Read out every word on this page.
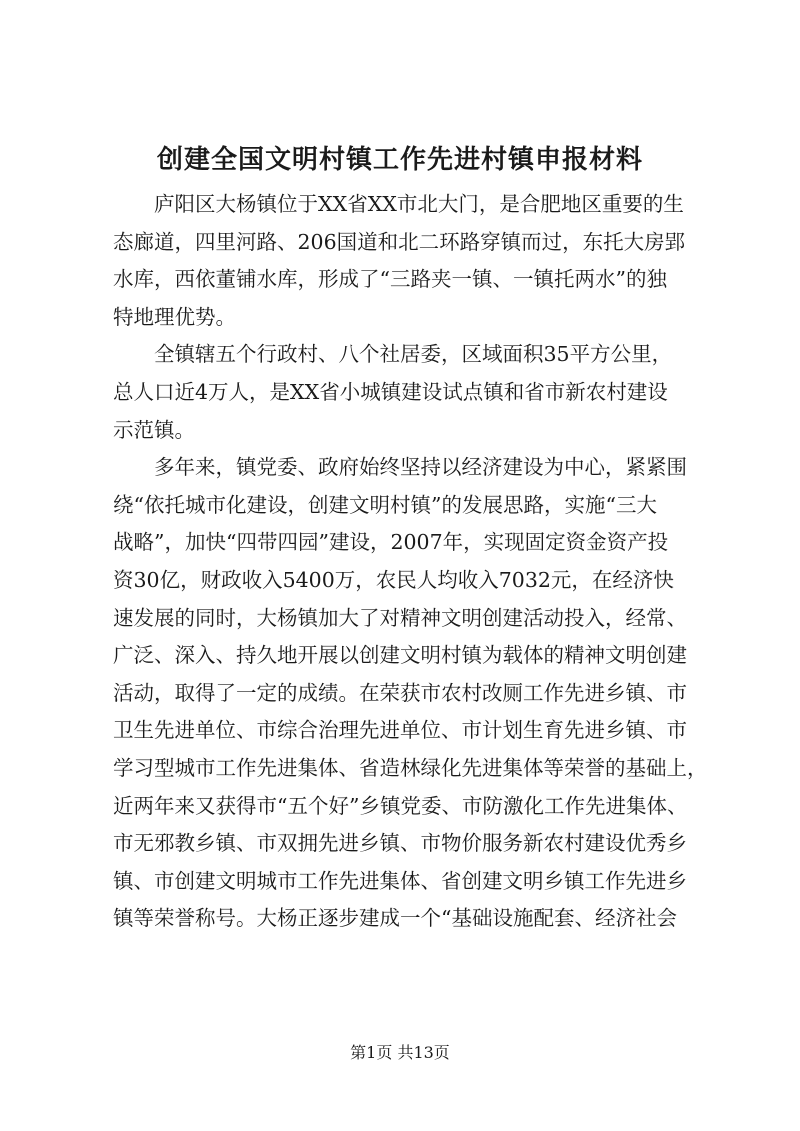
创建全国文明村镇工作先进村镇申报材料

庐阳区大杨镇位于XX省XX市北大门，是合肥地区重要的生
态廊道，四里河路、206国道和北二环路穿镇而过，东托大房郢
水库，西依董铺水库，形成了“三路夹一镇、一镇托两水”的独
特地理优势。

全镇辖五个行政村、八个社居委，区域面积35平方公里，
总人口近4万人，是XX省小城镇建设试点镇和省市新农村建设
示范镇。

多年来，镇党委、政府始终坚持以经济建设为中心，紧紧围
绕“依托城市化建设，创建文明村镇”的发展思路，实施“三大
战略”，加快“四带四园”建设，2007年，实现固定资金资产投
资30亿，财政收入5400万，农民人均收入7032元，在经济快
速发展的同时，大杨镇加大了对精神文明创建活动投入，经常、
广泛、深入、持久地开展以创建文明村镇为载体的精神文明创建
活动，取得了一定的成绩。在荣获市农村改厕工作先进乡镇、市
卫生先进单位、市综合治理先进单位、市计划生育先进乡镇、市
学习型城市工作先进集体、省造林绿化先进集体等荣誉的基础上，
近两年来又获得市“五个好”乡镇党委、市防激化工作先进集体、
市无邪教乡镇、市双拥先进乡镇、市物价服务新农村建设优秀乡
镇、市创建文明城市工作先进集体、省创建文明乡镇工作先进乡
镇等荣誉称号。大杨正逐步建成一个“基础设施配套、经济社会

第1页 共13页
